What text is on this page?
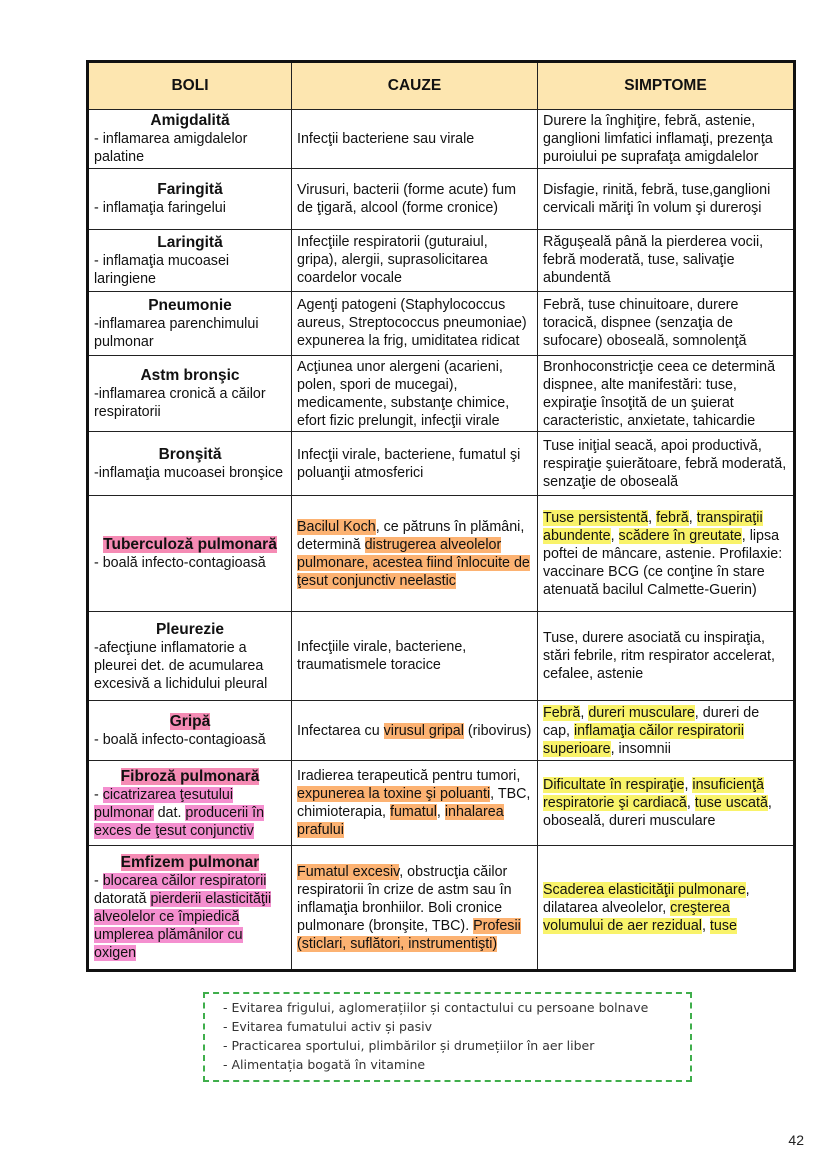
BOLI	CAUZE	SIMPTOME

Amigdalită
- inflamarea amigdalelor palatine	Infecţii bacteriene sau virale	Durere la înghiţire, febră, astenie, ganglioni limfatici inflamaţi, prezenţa puroiului pe suprafaţa amigdalelor

Faringită
- inflamaţia faringelui	Virusuri, bacterii (forme acute) fum de ţigară, alcool (forme cronice)	Disfagie, rinită, febră, tuse,ganglioni cervicali măriţi în volum şi dureroşi

Laringită
- inflamaţia mucoasei laringiene	Infecţiile respiratorii (guturaiul, gripa), alergii, suprasolicitarea coardelor vocale	Răguşeală până la pierderea vocii, febră moderată, tuse, salivaţie abundentă

Pneumonie
-inflamarea parenchimului pulmonar	Agenţi patogeni (Staphylococcus aureus, Streptococcus pneumoniae) expunerea la frig, umiditatea ridicat	Febră, tuse chinuitoare, durere toracică, dispnee (senzaţia de sufocare) oboseală, somnolenţă

Astm bronşic
-inflamarea cronică a căilor respiratorii	Acţiunea unor alergeni (acarieni, polen, spori de mucegai), medicamente, substanţe chimice, efort fizic prelungit, infecţii virale	Bronhoconstricţie ceea ce determină dispnee, alte manifestări: tuse, expiraţie însoţită de un şuierat caracteristic, anxietate, tahicardie

Bronşită
-inflamaţia mucoasei bronşice	Infecţii virale, bacteriene, fumatul şi poluanţii atmosferici	Tuse iniţial seacă, apoi productivă, respiraţie şuierătoare, febră moderată, senzaţie de oboseală

Tuberculoză pulmonară
- boală infecto-contagioasă	Bacilul Koch, ce pătruns în plămâni, determină distrugerea alveolelor pulmonare, acestea fiind înlocuite de ţesut conjunctiv neelastic	Tuse persistentă, febră, transpiraţii abundente, scădere în greutate, lipsa poftei de mâncare, astenie. Profilaxie: vaccinare BCG (ce conţine în stare atenuată bacilul Calmette-Guerin)

Pleurezie
-afecţiune inflamatorie a pleurei det. de acumularea excesivă a lichidului pleural	Infecţiile virale, bacteriene, traumatismele toracice	Tuse, durere asociată cu inspiraţia, stări febrile, ritm respirator accelerat, cefalee, astenie

Gripă
- boală infecto-contagioasă	Infectarea cu virusul gripal (ribovirus)	Febră, dureri musculare, dureri de cap, inflamaţia căilor respiratorii superioare, insomnii

Fibroză pulmonară
- cicatrizarea ţesutului pulmonar dat. producerii în exces de ţesut conjunctiv	Iradierea terapeutică pentru tumori, expunerea la toxine şi poluanti, TBC, chimioterapia, fumatul, inhalarea prafului	Dificultate în respiraţie, insuficienţă respiratorie şi cardiacă, tuse uscată, oboseală, dureri musculare

Emfizem pulmonar
- blocarea căilor respiratorii datorată pierderii elasticităţii alveolelor ce împiedică umplerea plămânilor cu oxigen	Fumatul excesiv, obstrucţia căilor respiratorii în crize de astm sau în inflamaţia bronhiilor. Boli cronice pulmonare (bronşite, TBC). Profesii (sticlari, suflători, instrumentişti)	Scaderea elasticităţii pulmonare, dilatarea alveolelor, creşterea volumului de aer rezidual, tuse
- Evitarea frigului, aglomerațiilor și contactului cu persoane bolnave
- Evitarea fumatului activ și pasiv
- Practicarea sportului, plimbărilor și drumețiilor în aer liber
- Alimentația bogată în vitamine
42
